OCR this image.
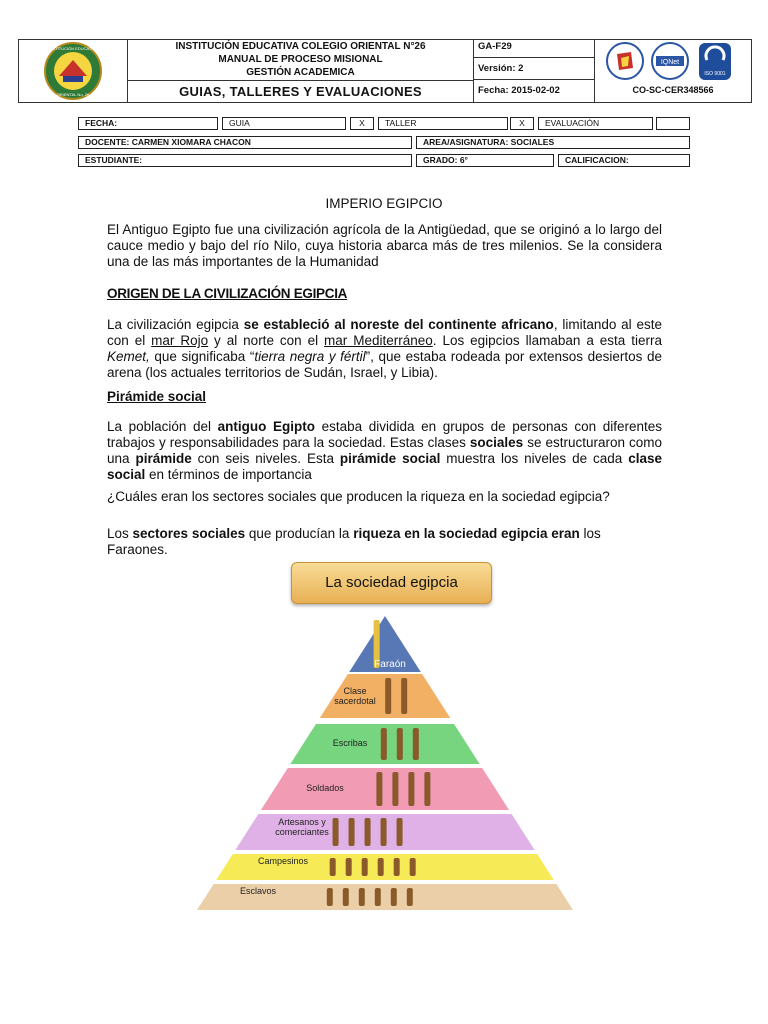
INSTITUCIÓN EDUCATIVA
ORIENTAL No. 26
INSTITUCIÓN EDUCATIVA COLEGIO ORIENTAL N°26
MANUAL DE PROCESO MISIONAL
GESTIÓN ACADEMICA
GUIAS, TALLERES Y EVALUACIONES
GA-F29
Versión: 2
Fecha: 2015-02-02
IQNet
ISO 9001
CO-SC-CER348566
FECHA:	GUIA	X	TALLER	X	EVALUACIÓN
DOCENTE: CARMEN XIOMARA CHACON	AREA/ASIGNATURA: SOCIALES
ESTUDIANTE:	GRADO: 6°	CALIFICACION:
IMPERIO EGIPCIO
El Antiguo Egipto fue una civilización agrícola de la Antigüedad, que se originó a lo largo del cauce medio y bajo del río Nilo, cuya historia abarca más de tres milenios. Se la considera una de las más importantes de la Humanidad
ORIGEN DE LA CIVILIZACIÓN EGIPCIA
La civilización egipcia se estableció al noreste del continente africano, limitando al este con el mar Rojo y al norte con el mar Mediterráneo. Los egipcios llamaban a esta tierra Kemet, que significaba “tierra negra y fértil”, que estaba rodeada por extensos desiertos de arena (los actuales territorios de Sudán, Israel, y Libia).
Pirámide social
La población del antiguo Egipto estaba dividida en grupos de personas con diferentes trabajos y responsabilidades para la sociedad. Estas clases sociales se estructuraron como una pirámide con seis niveles. Esta pirámide social muestra los niveles de cada clase social en términos de importancia
¿Cuáles eran los sectores sociales que producen la riqueza en la sociedad egipcia?
Los sectores sociales que producían la riqueza en la sociedad egipcia eran los Faraones.
La sociedad egipcia
Faraón
Clase sacerdotal
Escribas
Soldados
Artesanos y comerciantes
Campesinos
Esclavos
